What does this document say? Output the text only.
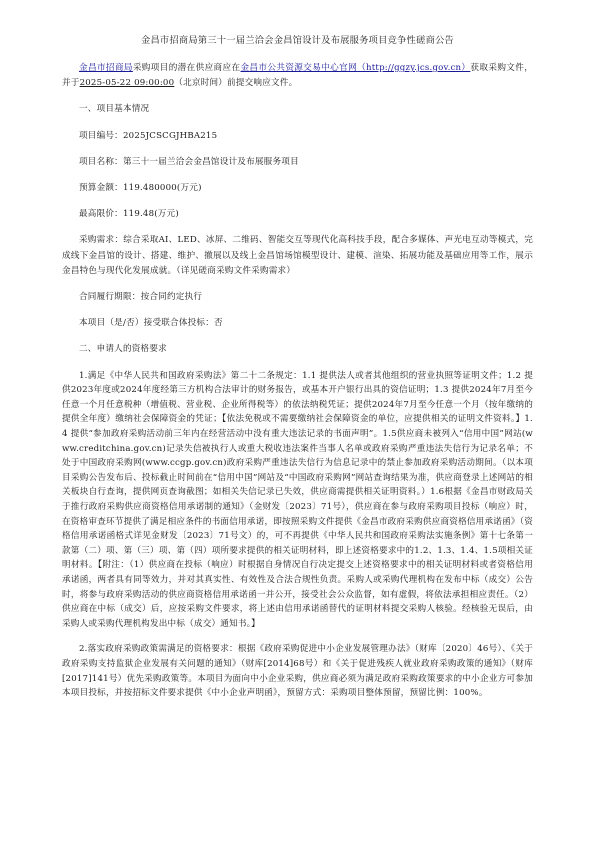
金昌市招商局第三十一届兰洽会金昌馆设计及布展服务项目竞争性磋商公告

金昌市招商局采购项目的潜在供应商应在金昌市公共资源交易中心官网（http://ggzy.jcs.gov.cn）获取采购文件，并于2025-05-22 09:00:00（北京时间）前提交响应文件。

一、项目基本情况

项目编号：2025JCSCGJHBA215

项目名称：第三十一届兰洽会金昌馆设计及布展服务项目

预算金额：119.480000(万元)

最高限价：119.48(万元)

采购需求：综合采取AI、LED、冰屏、二维码、智能交互等现代化高科技手段，配合多媒体、声光电互动等模式，完成线下金昌馆的设计、搭建、维护、撤展以及线上金昌馆场馆模型设计、建模、渲染、拓展功能及基础应用等工作，展示金昌特色与现代化发展成就。（详见磋商采购文件采购需求）

合同履行期限：按合同约定执行

本项目（是/否）接受联合体投标：否

二、申请人的资格要求

1.满足《中华人民共和国政府采购法》第二十二条规定：1.1 提供法人或者其他组织的营业执照等证明文件；1.2 提供2023年度或2024年度经第三方机构合法审计的财务报告，或基本开户银行出具的资信证明；1.3 提供2024年7月至今任意一个月任意税种（增值税、营业税、企业所得税等）的依法纳税凭证；提供2024年7月至今任意一个月（按年缴纳的提供全年度）缴纳社会保障资金的凭证；【依法免税或不需要缴纳社会保障资金的单位，应提供相关的证明文件资料。】1.4 提供“参加政府采购活动前三年内在经营活动中没有重大违法记录的书面声明”。1.5供应商未被列入“信用中国”网站(www.creditchina.gov.cn)记录失信被执行人或重大税收违法案件当事人名单或政府采购严重违法失信行为记录名单；不处于中国政府采购网(www.ccgp.gov.cn)政府采购严重违法失信行为信息记录中的禁止参加政府采购活动期间。（以本项目采购公告发布后、投标截止时间前在“信用中国”网站及“中国政府采购网”网站查询结果为准，供应商登录上述网站的相关板块自行查询，提供网页查询截图；如相关失信记录已失效，供应商需提供相关证明资料。）1.6根据《金昌市财政局关于推行政府采购供应商资格信用承诺制的通知》（金财发〔2023〕71号），供应商在参与政府采购项目投标（响应）时，在资格审查环节提供了满足相应条件的书面信用承诺，即按照采购文件提供《金昌市政府采购供应商资格信用承诺函》（资格信用承诺函格式详见金财发〔2023〕71号文）的，可不再提供《中华人民共和国政府采购法实施条例》第十七条第一款第（二）项、第（三）项、第（四）项所要求提供的相关证明材料，即上述资格要求中的1.2、1.3、1.4、1.5项相关证明材料。【附注：（1）供应商在投标（响应）时根据自身情况自行决定提交上述资格要求中的相关证明材料或者资格信用承诺函，两者具有同等效力，并对其真实性、有效性及合法合规性负责。采购人或采购代理机构在发布中标（成交）公告时，将参与政府采购活动的供应商资格信用承诺函一并公开，接受社会公众监督，如有虚假，将依法承担相应责任。（2）供应商在中标（成交）后，应按采购文件要求，将上述由信用承诺函替代的证明材料提交采购人核验。经核验无误后，由采购人或采购代理机构发出中标（成交）通知书。】

2.落实政府采购政策需满足的资格要求：根据《政府采购促进中小企业发展管理办法》（财库〔2020〕46号）、《关于政府采购支持监狱企业发展有关问题的通知》（财库[2014]68号）和《关于促进残疾人就业政府采购政策的通知》（财库[2017]141号）优先采购政策等。本项目为面向中小企业采购，供应商必须为满足政府采购政策要求的中小企业方可参加本项目投标，并按招标文件要求提供《中小企业声明函》，预留方式：采购项目整体预留，预留比例：100%。
